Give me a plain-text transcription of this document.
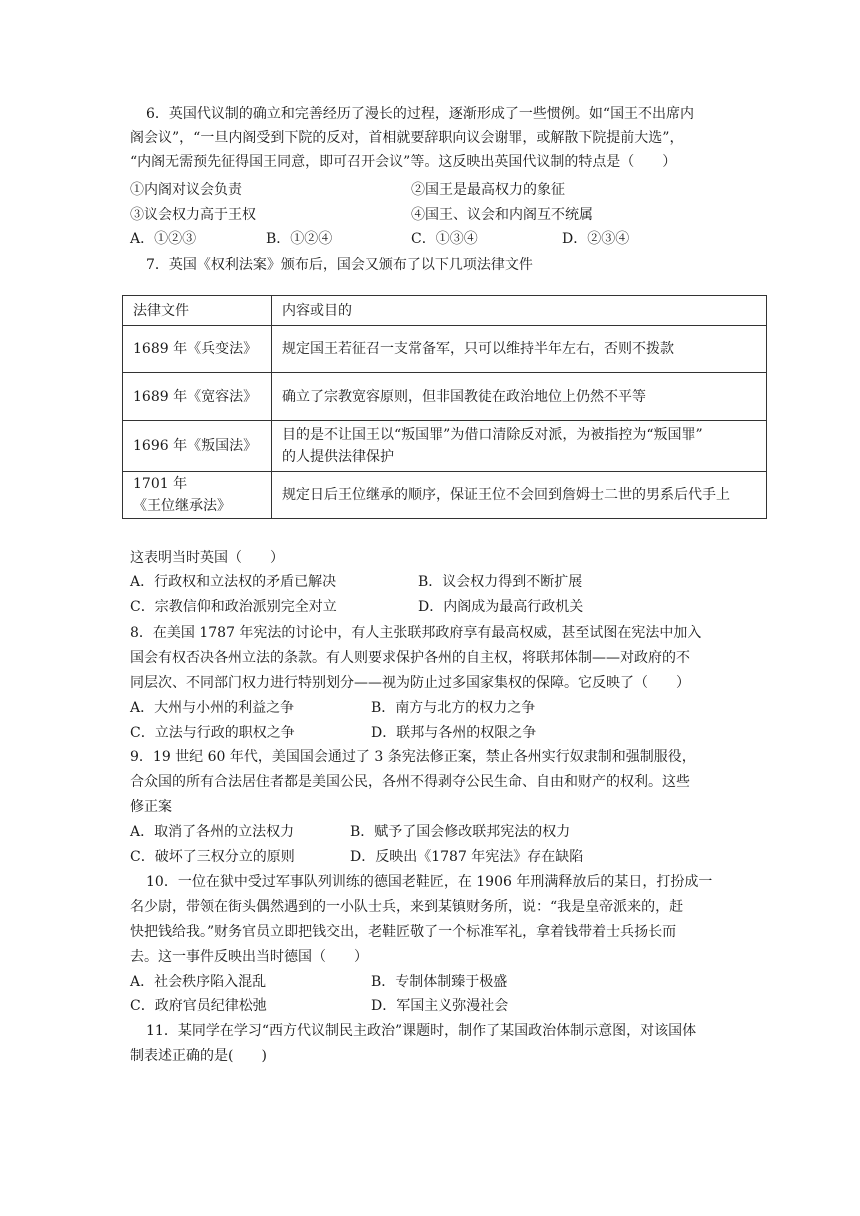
6．英国代议制的确立和完善经历了漫长的过程，逐渐形成了一些惯例。如“国王不出席内
阁会议”，“一旦内阁受到下院的反对，首相就要辞职向议会谢罪，或解散下院提前大选”，
“内阁无需预先征得国王同意，即可召开会议”等。这反映出英国代议制的特点是（　　）
①内阁对议会负责	②国王是最高权力的象征
③议会权力高于王权	④国王、议会和内阁互不统属
A．①②③	B．①②④	C．①③④	D．②③④
7．英国《权利法案》颁布后，国会又颁布了以下几项法律文件
法律文件	内容或目的
1689 年《兵变法》	规定国王若征召一支常备军，只可以维持半年左右，否则不拨款
1689 年《宽容法》	确立了宗教宽容原则，但非国教徒在政治地位上仍然不平等
1696 年《叛国法》	目的是不让国王以“叛国罪”为借口清除反对派，为被指控为“叛国罪”
的人提供法律保护

1701 年
《王位继承法》	规定日后王位继承的顺序，保证王位不会回到詹姆士二世的男系后代手上
这表明当时英国（　　）
A．行政权和立法权的矛盾已解决	B．议会权力得到不断扩展
C．宗教信仰和政治派别完全对立	D．内阁成为最高行政机关
8．在美国 1787 年宪法的讨论中，有人主张联邦政府享有最高权威，甚至试图在宪法中加入
国会有权否决各州立法的条款。有人则要求保护各州的自主权，将联邦体制——对政府的不
同层次、不同部门权力进行特别划分——视为防止过多国家集权的保障。它反映了（　　）
A．大州与小州的利益之争	B．南方与北方的权力之争
C．立法与行政的职权之争	D．联邦与各州的权限之争
9．19 世纪 60 年代，美国国会通过了 3 条宪法修正案，禁止各州实行奴隶制和强制服役，
合众国的所有合法居住者都是美国公民，各州不得剥夺公民生命、自由和财产的权利。这些
修正案
A．取消了各州的立法权力	B．赋予了国会修改联邦宪法的权力
C．破坏了三权分立的原则	D．反映出《1787 年宪法》存在缺陷
10．一位在狱中受过军事队列训练的德国老鞋匠，在 1906 年刑满释放后的某日，打扮成一
名少尉，带领在街头偶然遇到的一小队士兵，来到某镇财务所，说：“我是皇帝派来的，赶
快把钱给我。”财务官员立即把钱交出，老鞋匠敬了一个标准军礼，拿着钱带着士兵扬长而
去。这一事件反映出当时德国（　　）
A．社会秩序陷入混乱	B．专制体制臻于极盛
C．政府官员纪律松弛	D．军国主义弥漫社会
11．某同学在学习“西方代议制民主政治”课题时，制作了某国政治体制示意图，对该国体
制表述正确的是(　　)
